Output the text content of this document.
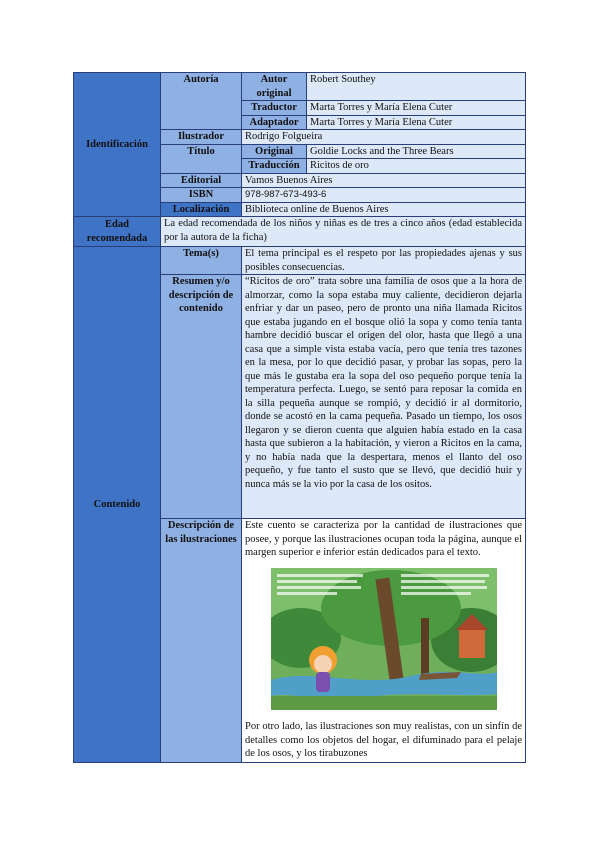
Identificación	Autoría	Autor original	Robert Southey
		Traductor	Marta Torres y María Elena Cuter
		Adaptador	Marta Torres y María Elena Cuter
	Ilustrador	Rodrigo Folgueira	
	Título	Original	Goldie Locks and the Three Bears
		Traducción	Ricitos de oro
	Editorial	Vamos Buenos Aires	
	ISBN	978-987-673-493-6	
	Localización	Biblioteca online de Buenos Aires	
Edad recomendada	La edad recomendada de los niños y niñas es de tres a cinco años (edad establecida por la autora de la ficha)		
Contenido	Tema(s)	El tema principal es el respeto por las propiedades ajenas y sus posibles consecuencias.	
	Resumen y/o descripción de contenido	“Ricitos de oro” trata sobre una familia de osos que a la hora de almorzar, como la sopa estaba muy caliente, decidieron dejarla enfriar y dar un paseo, pero de pronto una niña llamada Ricitos que estaba jugando en el bosque olió la sopa y como tenía tanta hambre decidió buscar el origen del olor, hasta que llegó a una casa que a simple vista estaba vacía, pero que tenía tres tazones en la mesa, por lo que decidió pasar, y probar las sopas, pero la que más le gustaba era la sopa del oso pequeño porque tenía la temperatura perfecta. Luego, se sentó para reposar la comida en la silla pequeña aunque se rompió, y decidió ir al dormitorio, donde se acostó en la cama pequeña. Pasado un tiempo, los osos llegaron y se dieron cuenta que alguien había estado en la casa hasta que subieron a la habitación, y vieron a Ricitos en la cama, y no había nada que la despertara, menos el llanto del oso pequeño, y fue tanto el susto que se llevó, que decidió huir y nunca más se la vio por la casa de los ositos.	
	Descripción de las ilustraciones	Este cuento se caracteriza por la cantidad de ilustraciones que posee, y porque las ilustraciones ocupan toda la página, aunque el margen superior e inferior están dedicados para el texto.
Por otro lado, las ilustraciones son muy realistas, con un sinfín de detalles como los objetos del hogar, el difuminado para el pelaje de los osos, y los tirabuzones	
